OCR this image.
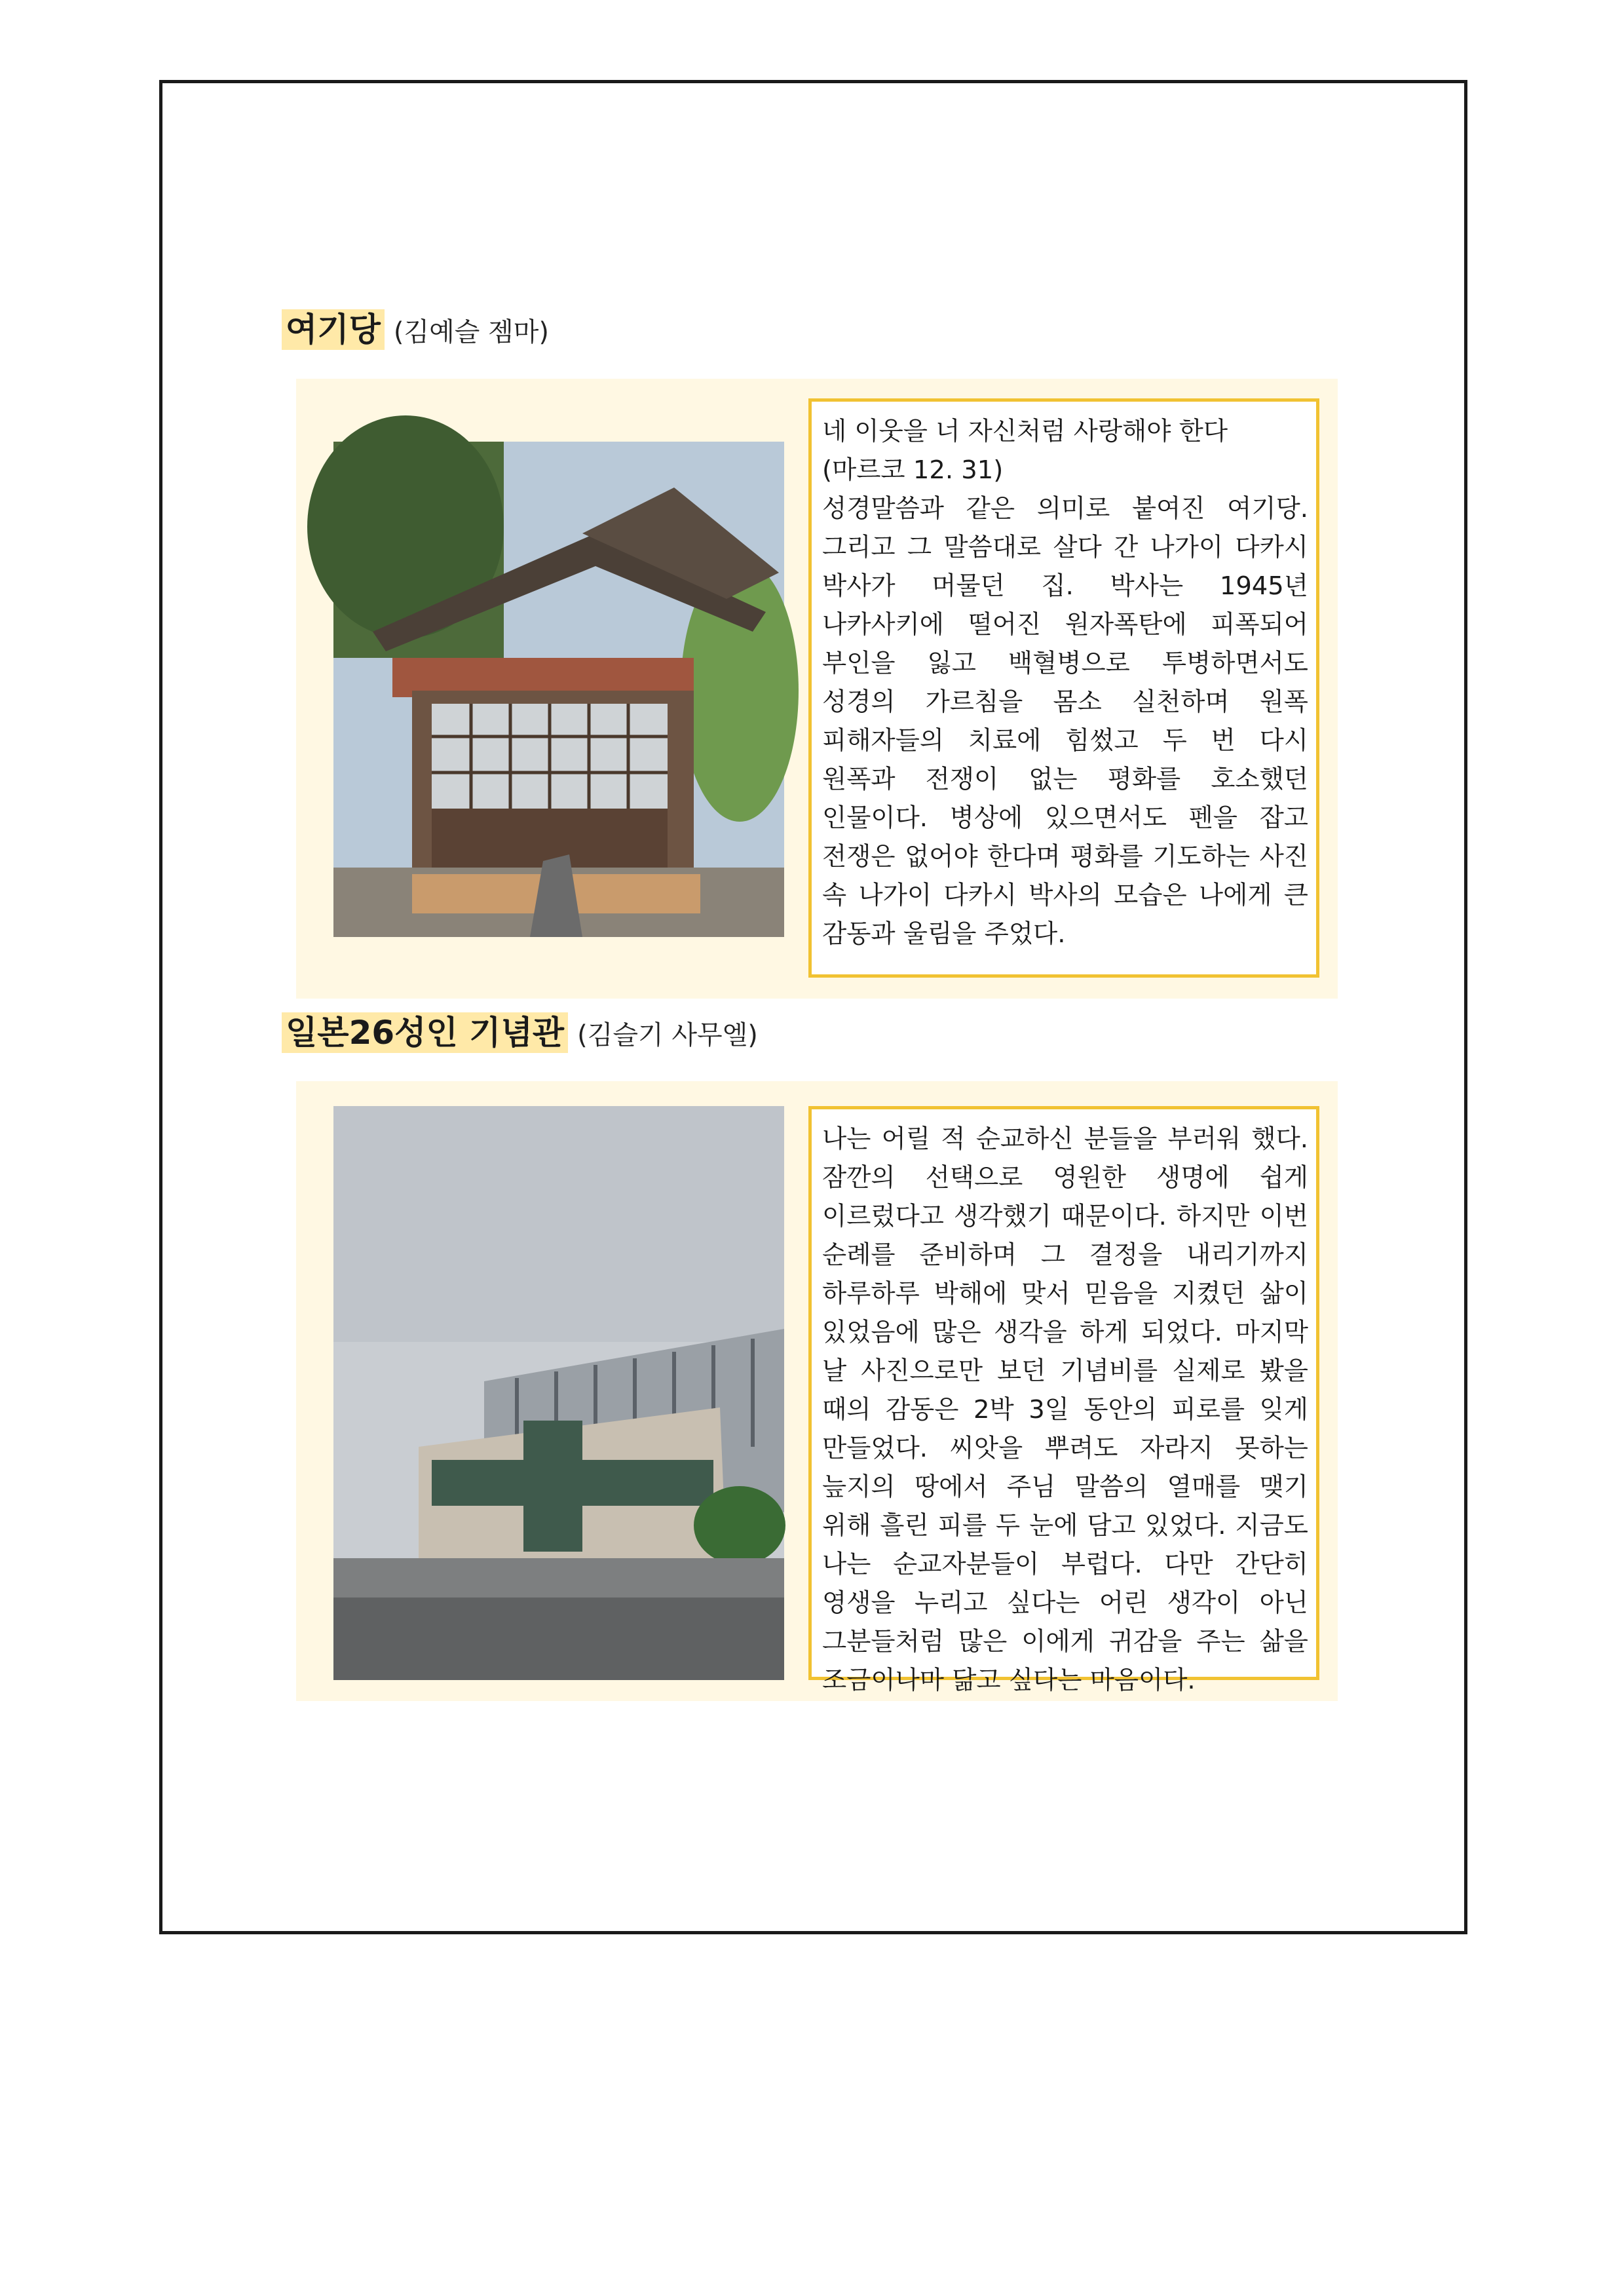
여기당 (김예슬 젬마)

네 이웃을 너 자신처럼 사랑해야 한다

(마르코 12. 31)

성경말씀과 같은 의미로 붙여진 여기당. 그리고 그 말씀대로 살다 간 나가이 다카시 박사가 머물던 집. 박사는 1945년 나카사키에 떨어진 원자폭탄에 피폭되어 부인을 잃고 백혈병으로 투병하면서도 성경의 가르침을 몸소 실천하며 원폭 피해자들의 치료에 힘썼고 두 번 다시 원폭과 전쟁이 없는 평화를 호소했던 인물이다. 병상에 있으면서도 펜을 잡고 전쟁은 없어야 한다며 평화를 기도하는 사진 속 나가이 다카시 박사의 모습은 나에게 큰 감동과 울림을 주었다.

일본26성인 기념관 (김슬기 사무엘)

나는 어릴 적 순교하신 분들을 부러워 했다. 잠깐의 선택으로 영원한 생명에 쉽게 이르렀다고 생각했기 때문이다. 하지만 이번 순례를 준비하며 그 결정을 내리기까지 하루하루 박해에 맞서 믿음을 지켰던 삶이 있었음에 많은 생각을 하게 되었다. 마지막 날 사진으로만 보던 기념비를 실제로 봤을 때의 감동은 2박 3일 동안의 피로를 잊게 만들었다. 씨앗을 뿌려도 자라지 못하는 늪지의 땅에서 주님 말씀의 열매를 맺기 위해 흘린 피를 두 눈에 담고 있었다. 지금도 나는 순교자분들이 부럽다. 다만 간단히 영생을 누리고 싶다는 어린 생각이 아닌 그분들처럼 많은 이에게 귀감을 주는 삶을 조금이나마 닮고 싶다는 마음이다.
